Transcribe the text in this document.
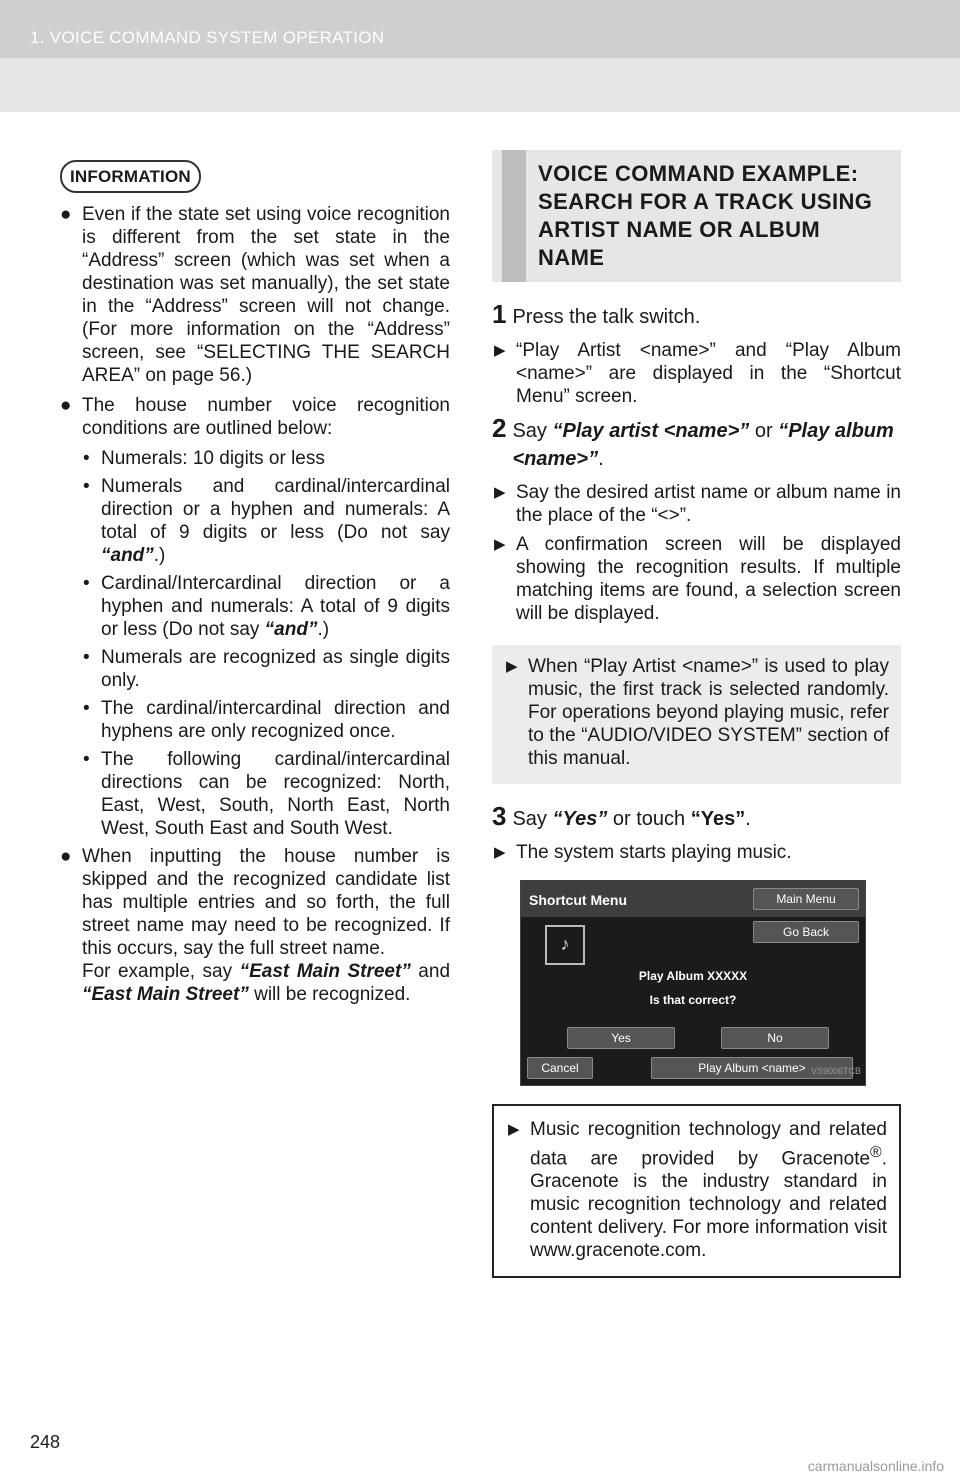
1. VOICE COMMAND SYSTEM OPERATION
INFORMATION
● Even if the state set using voice recognition is different from the set state in the “Address” screen (which was set when a destination was set manually), the set state in the “Address” screen will not change. (For more information on the “Address” screen, see “SELECTING THE SEARCH AREA” on page 56.)
● The house number voice recognition conditions are outlined below:
• Numerals: 10 digits or less
• Numerals and cardinal/intercardinal direction or a hyphen and numerals: A total of 9 digits or less (Do not say “and”.)
• Cardinal/Intercardinal direction or a hyphen and numerals: A total of 9 digits or less (Do not say “and”.)
• Numerals are recognized as single digits only.
• The cardinal/intercardinal direction and hyphens are only recognized once.
• The following cardinal/intercardinal directions can be recognized: North, East, West, South, North East, North West, South East and South West.
● When inputting the house number is skipped and the recognized candidate list has multiple entries and so forth, the full street name may need to be recognized. If this occurs, say the full street name.
For example, say “East Main Street” and “East Main Street” will be recognized.
VOICE COMMAND EXAMPLE: SEARCH FOR A TRACK USING ARTIST NAME OR ALBUM NAME
1 Press the talk switch.
▶ “Play Artist <name>” and “Play Album <name>” are displayed in the “Shortcut Menu” screen.
2 Say “Play artist <name>” or “Play album <name>”.
▶ Say the desired artist name or album name in the place of the “<>”.
▶ A confirmation screen will be displayed showing the recognition results. If multiple matching items are found, a selection screen will be displayed.
▶ When “Play Artist <name>” is used to play music, the first track is selected randomly. For operations beyond playing music, refer to the “AUDIO/VIDEO SYSTEM” section of this manual.
3 Say “Yes” or touch “Yes”.
▶ The system starts playing music.
Shortcut Menu	Main Menu
Go Back
♪
Play Album XXXXX
Is that correct?
Yes	No
Cancel	Play Album <name> VS9006TCB
▶ Music recognition technology and related data are provided by Gracenote®. Gracenote is the industry standard in music recognition technology and related content delivery. For more information visit www.gracenote.com.
248
carmanualsonline.info
